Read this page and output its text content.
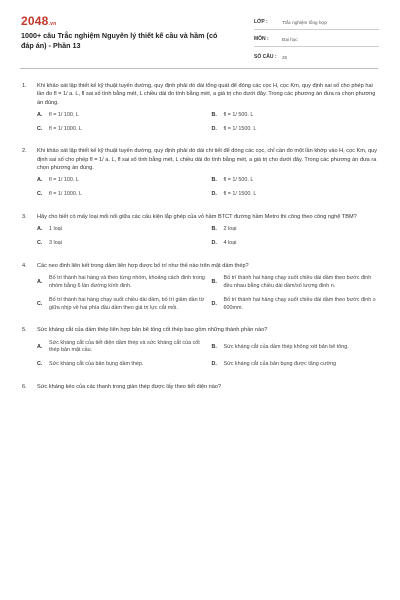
2048.vn
1000+ câu Trắc nghiệm Nguyên lý thiết kế cầu và hầm (có đáp án) - Phần 13
LỚP :	Trắc nghiệm tổng hợp
MÔN :	Đại học
SỐ CÂU :	25
1.	Khi khảo sát lập thiết kế kỹ thuật tuyến đường, quy định phải dò dài tổng quát để đóng các cọc H, cọc Km, quy định sai số cho phép hai lần đo fl = 1/ a. L, fl sai số tính bằng mét, L chiều dài đo tính bằng mét, a giá trị cho dưới đây. Trong các phương án đưa ra chọn phương án đúng.
A.	fl = 1/ 100. L	B.	fl = 1/ 500. L
C.	fl = 1/ 1000. L	D.	fl = 1/ 1500. L
2.	Khi khảo sát lập thiết kế kỹ thuật tuyến đường, quy định phải dò dài chi tiết để đóng các cọc, chỉ cần đo một lần khớp vào H, cọc Km, quy định sai số cho phép fl = 1/ a. L, fl sai số tính bằng mét, L chiều dài đo tính bằng mét, a giá trị cho dưới đây. Trong các phương án đưa ra chọn phương án đúng.
A.	fl = 1/ 100. L	B.	fl = 1/ 500. L
C.	fl = 1/ 1000. L	D.	fl = 1/ 1500. L
3.	Hãy cho biết có mấy loại mối nối giữa các cấu kiện lắp ghép của vỏ hầm BTCT đường hầm Metro thi công theo công nghệ TBM?
A.	1 loại	B.	2 loại
C.	3 loại	D.	4 loại
4.	Các neo đinh liên kết trong dầm liên hợp được bố trí như thế nào trên mặt dầm thép?
A.
Bố trí thành hai hàng và theo từng nhóm, khoảng cách đinh trong nhóm bằng 6 lần đường kính đinh.
B.
Bố trí thành hai hàng chạy suốt chiều dài dầm theo bước đinh đều nhau bằng chiều dài dầm/số lượng đinh n.
C.
Bố trí thành hai hàng chạy suốt chiều dài dầm, bố trí giảm dần từ giữa nhịp về hai phía đầu dầm theo giá trị lực cắt mỏi.
D.
Bố trí thành hai hàng chạy suốt chiều dài dầm theo bước đinh ≥ 600mm.
5.	Sức kháng cắt của dầm thép liên hợp bản bê tông cốt thép bao gồm những thành phần nào?
A.
Sức kháng cắt của tiết diện dầm thép và sức kháng cắt của cốt thép bản mặt cầu.
B.	Sức kháng cắt của dầm thép không xét bản bê tông.
C.	Sức kháng cắt của bản bụng dầm thép.	D.	Sức kháng cắt của bản bụng được tăng cường
6.	Sức kháng kéo của các thanh trong giàn thép được lấy theo tiết diện nào?
